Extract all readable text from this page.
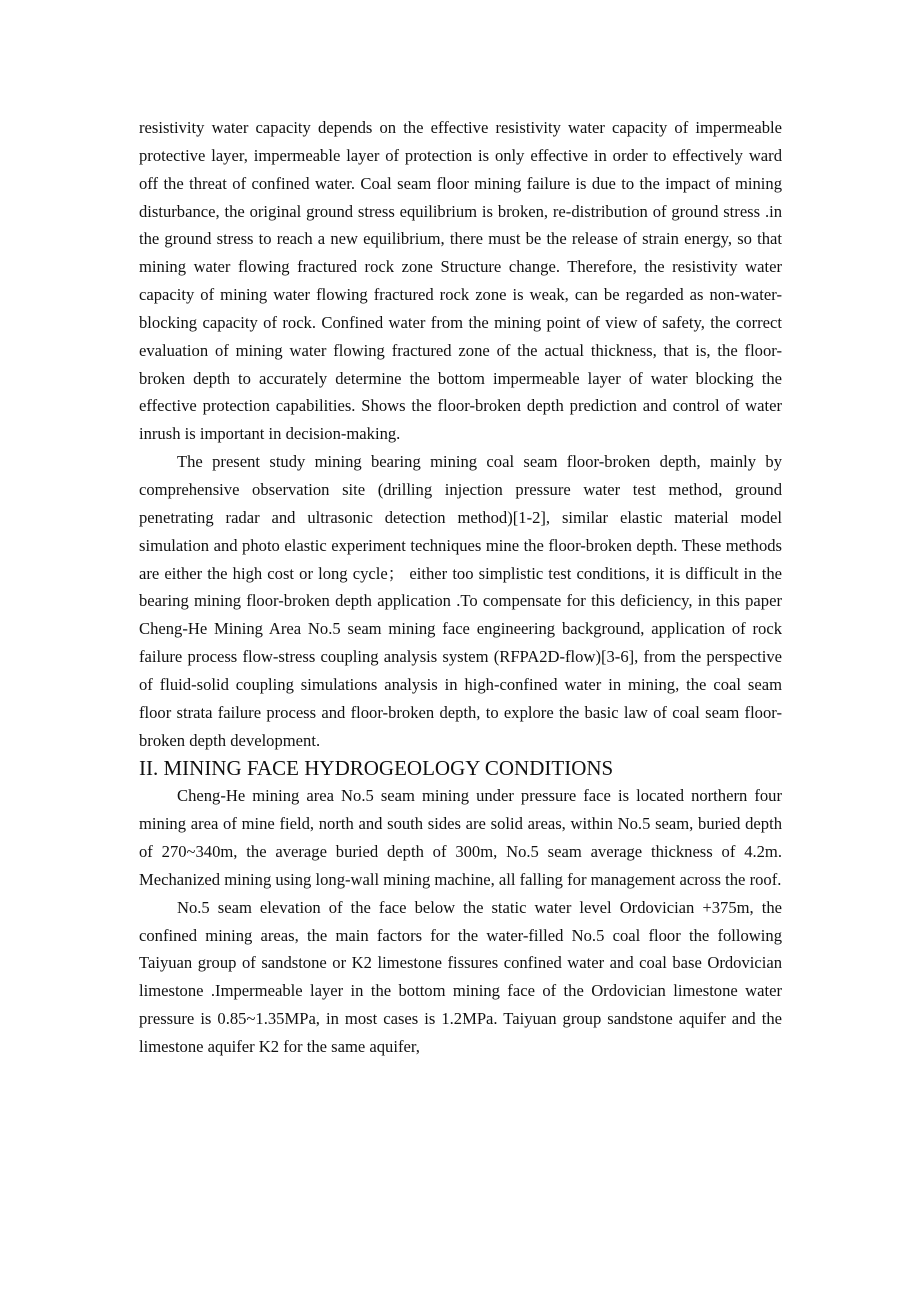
resistivity water capacity depends on the effective resistivity water capacity of impermeable protective layer, impermeable layer of protection is only effective in order to effectively ward off the threat of confined water. Coal seam floor mining failure is due to the impact of mining disturbance, the original ground stress equilibrium is broken, re-distribution of ground stress .in the ground stress to reach a new equilibrium, there must be the release of strain energy, so that mining water flowing fractured rock zone Structure change. Therefore, the resistivity water capacity of mining water flowing fractured rock zone is weak, can be regarded as non-water-blocking capacity of rock. Confined water from the mining point of view of safety, the correct evaluation of mining water flowing fractured zone of the actual thickness, that is, the floor-broken depth to accurately determine the bottom impermeable layer of water blocking the effective protection capabilities. Shows the floor-broken depth prediction and control of water inrush is important in decision-making.

The present study mining bearing mining coal seam floor-broken depth, mainly by comprehensive observation site (drilling injection pressure water test method, ground penetrating radar and ultrasonic detection method)[1-2], similar elastic material model simulation and photo elastic experiment techniques mine the floor-broken depth. These methods are either the high cost or long cycle； either too simplistic test conditions, it is difficult in the bearing mining floor-broken depth application .To compensate for this deficiency, in this paper Cheng-He Mining Area No.5 seam mining face engineering background, application of rock failure process flow-stress coupling analysis system (RFPA2D-flow)[3-6], from the perspective of fluid-solid coupling simulations analysis in high-confined water in mining, the coal seam floor strata failure process and floor-broken depth, to explore the basic law of coal seam floor-broken depth development.

II. MINING FACE HYDROGEOLOGY CONDITIONS

Cheng-He mining area No.5 seam mining under pressure face is located northern four mining area of mine field, north and south sides are solid areas, within No.5 seam, buried depth of 270~340m, the average buried depth of 300m, No.5 seam average thickness of 4.2m. Mechanized mining using long-wall mining machine, all falling for management across the roof.

No.5 seam elevation of the face below the static water level Ordovician +375m, the confined mining areas, the main factors for the water-filled No.5 coal floor the following Taiyuan group of sandstone or K2 limestone fissures confined water and coal base Ordovician limestone .Impermeable layer in the bottom mining face of the Ordovician limestone water pressure is 0.85~1.35MPa, in most cases is 1.2MPa. Taiyuan group sandstone aquifer and the limestone aquifer K2 for the same aquifer,
